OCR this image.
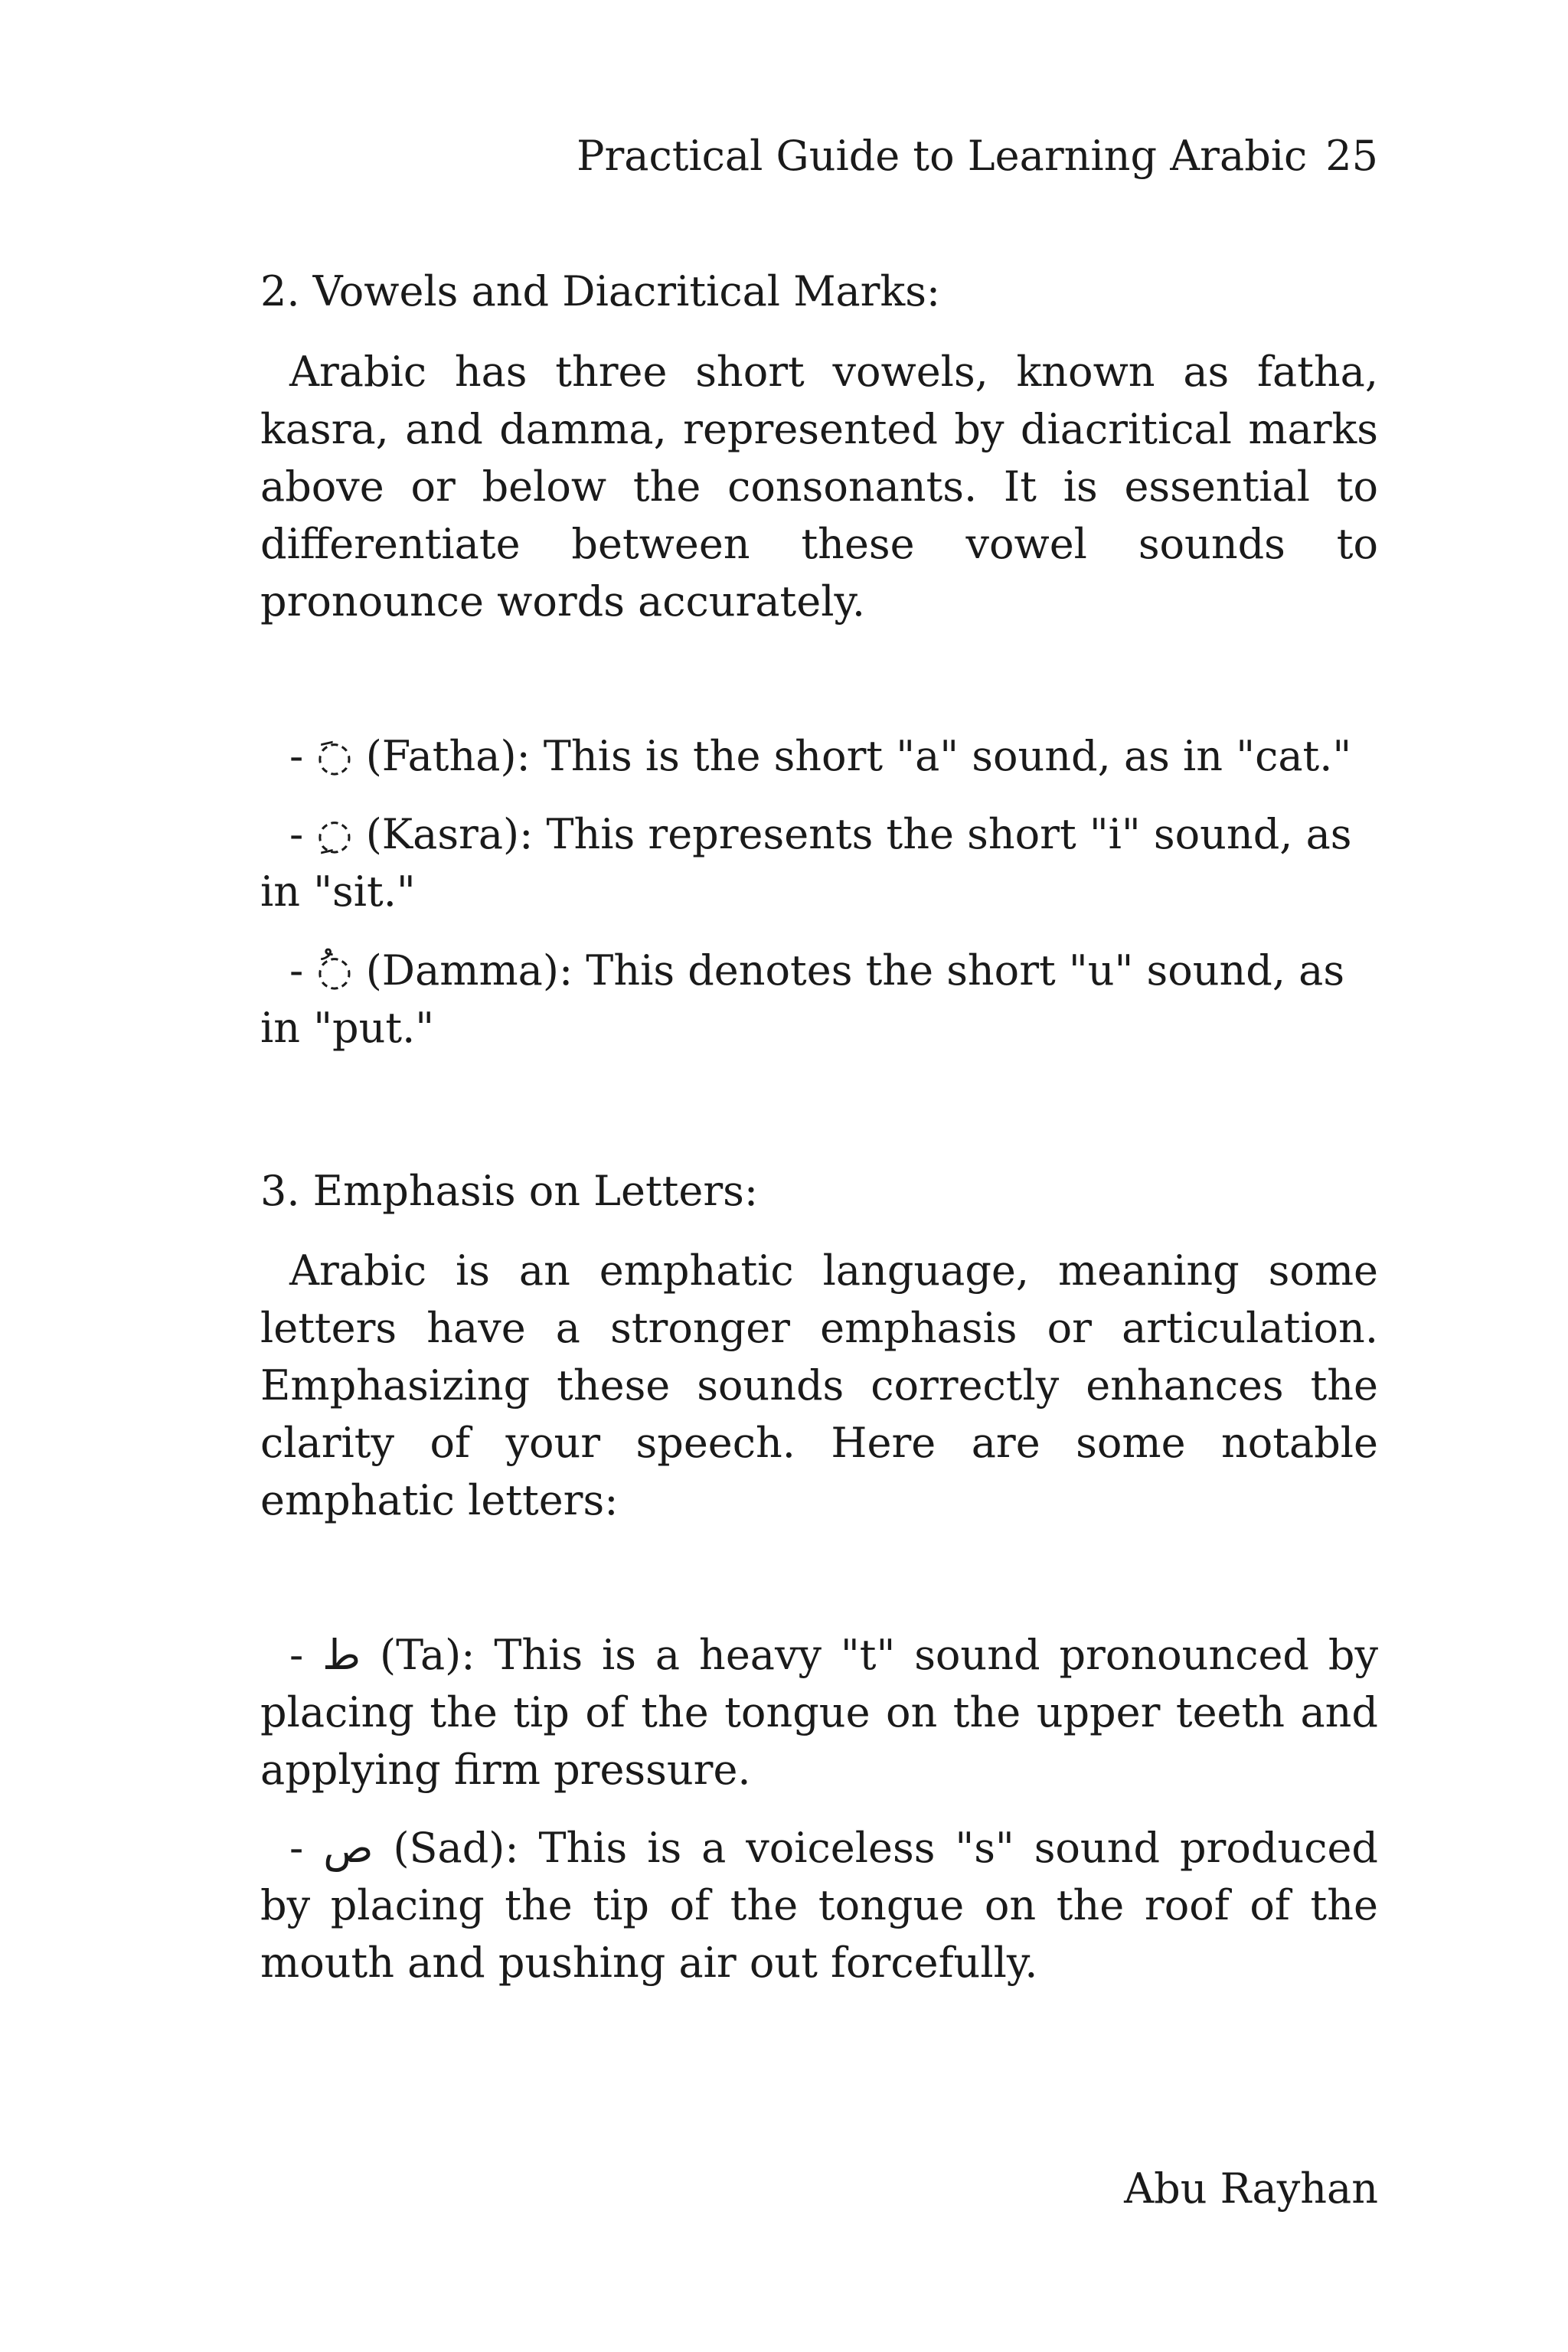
Practical Guide to Learning Arabic 25
2. Vowels and Diacritical Marks:
Arabic has three short vowels, known as fatha, kasra, and damma, represented by diacritical marks above or below the consonants. It is essential to differentiate between these vowel sounds to pronounce words accurately.
- ◌َ (Fatha): This is the short "a" sound, as in "cat."
- ◌ِ (Kasra): This represents the short "i" sound, as in "sit."
- ◌ُ (Damma): This denotes the short "u" sound, as in "put."
3. Emphasis on Letters:
Arabic is an emphatic language, meaning some letters have a stronger emphasis or articulation. Emphasizing these sounds correctly enhances the clarity of your speech. Here are some notable emphatic letters:
- ط (Ta): This is a heavy "t" sound pronounced by placing the tip of the tongue on the upper teeth and applying firm pressure.
- ص (Sad): This is a voiceless "s" sound produced by placing the tip of the tongue on the roof of the mouth and pushing air out forcefully.
Abu Rayhan
